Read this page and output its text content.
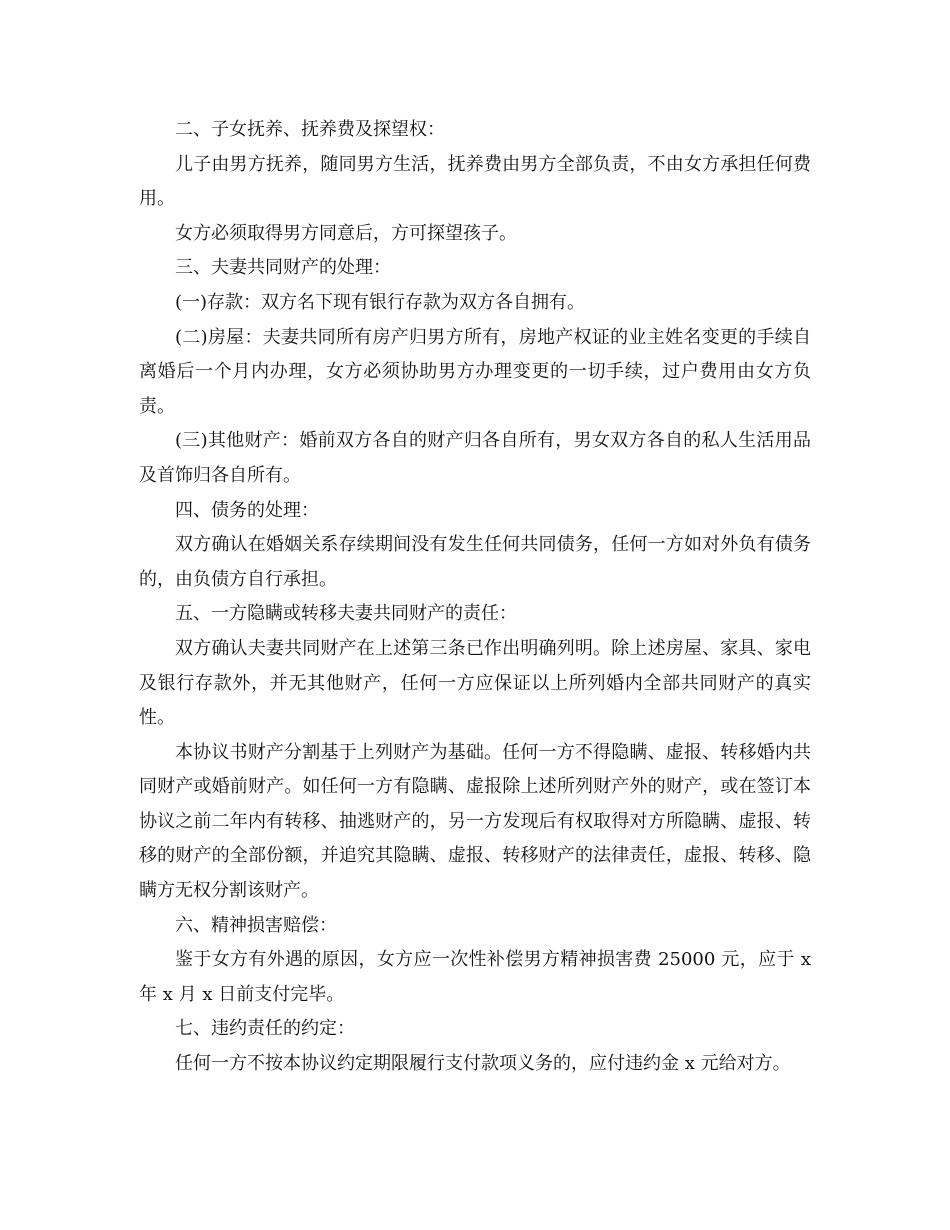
二、子女抚养、抚养费及探望权：

儿子由男方抚养，随同男方生活，抚养费由男方全部负责，不由女方承担任何费用。

女方必须取得男方同意后，方可探望孩子。

三、夫妻共同财产的处理：

(一)存款：双方名下现有银行存款为双方各自拥有。

(二)房屋：夫妻共同所有房产归男方所有，房地产权证的业主姓名变更的手续自离婚后一个月内办理，女方必须协助男方办理变更的一切手续，过户费用由女方负责。

(三)其他财产：婚前双方各自的财产归各自所有，男女双方各自的私人生活用品及首饰归各自所有。

四、债务的处理：

双方确认在婚姻关系存续期间没有发生任何共同债务，任何一方如对外负有债务的，由负债方自行承担。

五、一方隐瞒或转移夫妻共同财产的责任：

双方确认夫妻共同财产在上述第三条已作出明确列明。除上述房屋、家具、家电及银行存款外，并无其他财产，任何一方应保证以上所列婚内全部共同财产的真实性。

本协议书财产分割基于上列财产为基础。任何一方不得隐瞒、虚报、转移婚内共同财产或婚前财产。如任何一方有隐瞒、虚报除上述所列财产外的财产，或在签订本协议之前二年内有转移、抽逃财产的，另一方发现后有权取得对方所隐瞒、虚报、转移的财产的全部份额，并追究其隐瞒、虚报、转移财产的法律责任，虚报、转移、隐瞒方无权分割该财产。

六、精神损害赔偿：

鉴于女方有外遇的原因，女方应一次性补偿男方精神损害费 25000 元，应于 x 年 x 月 x 日前支付完毕。

七、违约责任的约定：

任何一方不按本协议约定期限履行支付款项义务的，应付违约金 x 元给对方。
